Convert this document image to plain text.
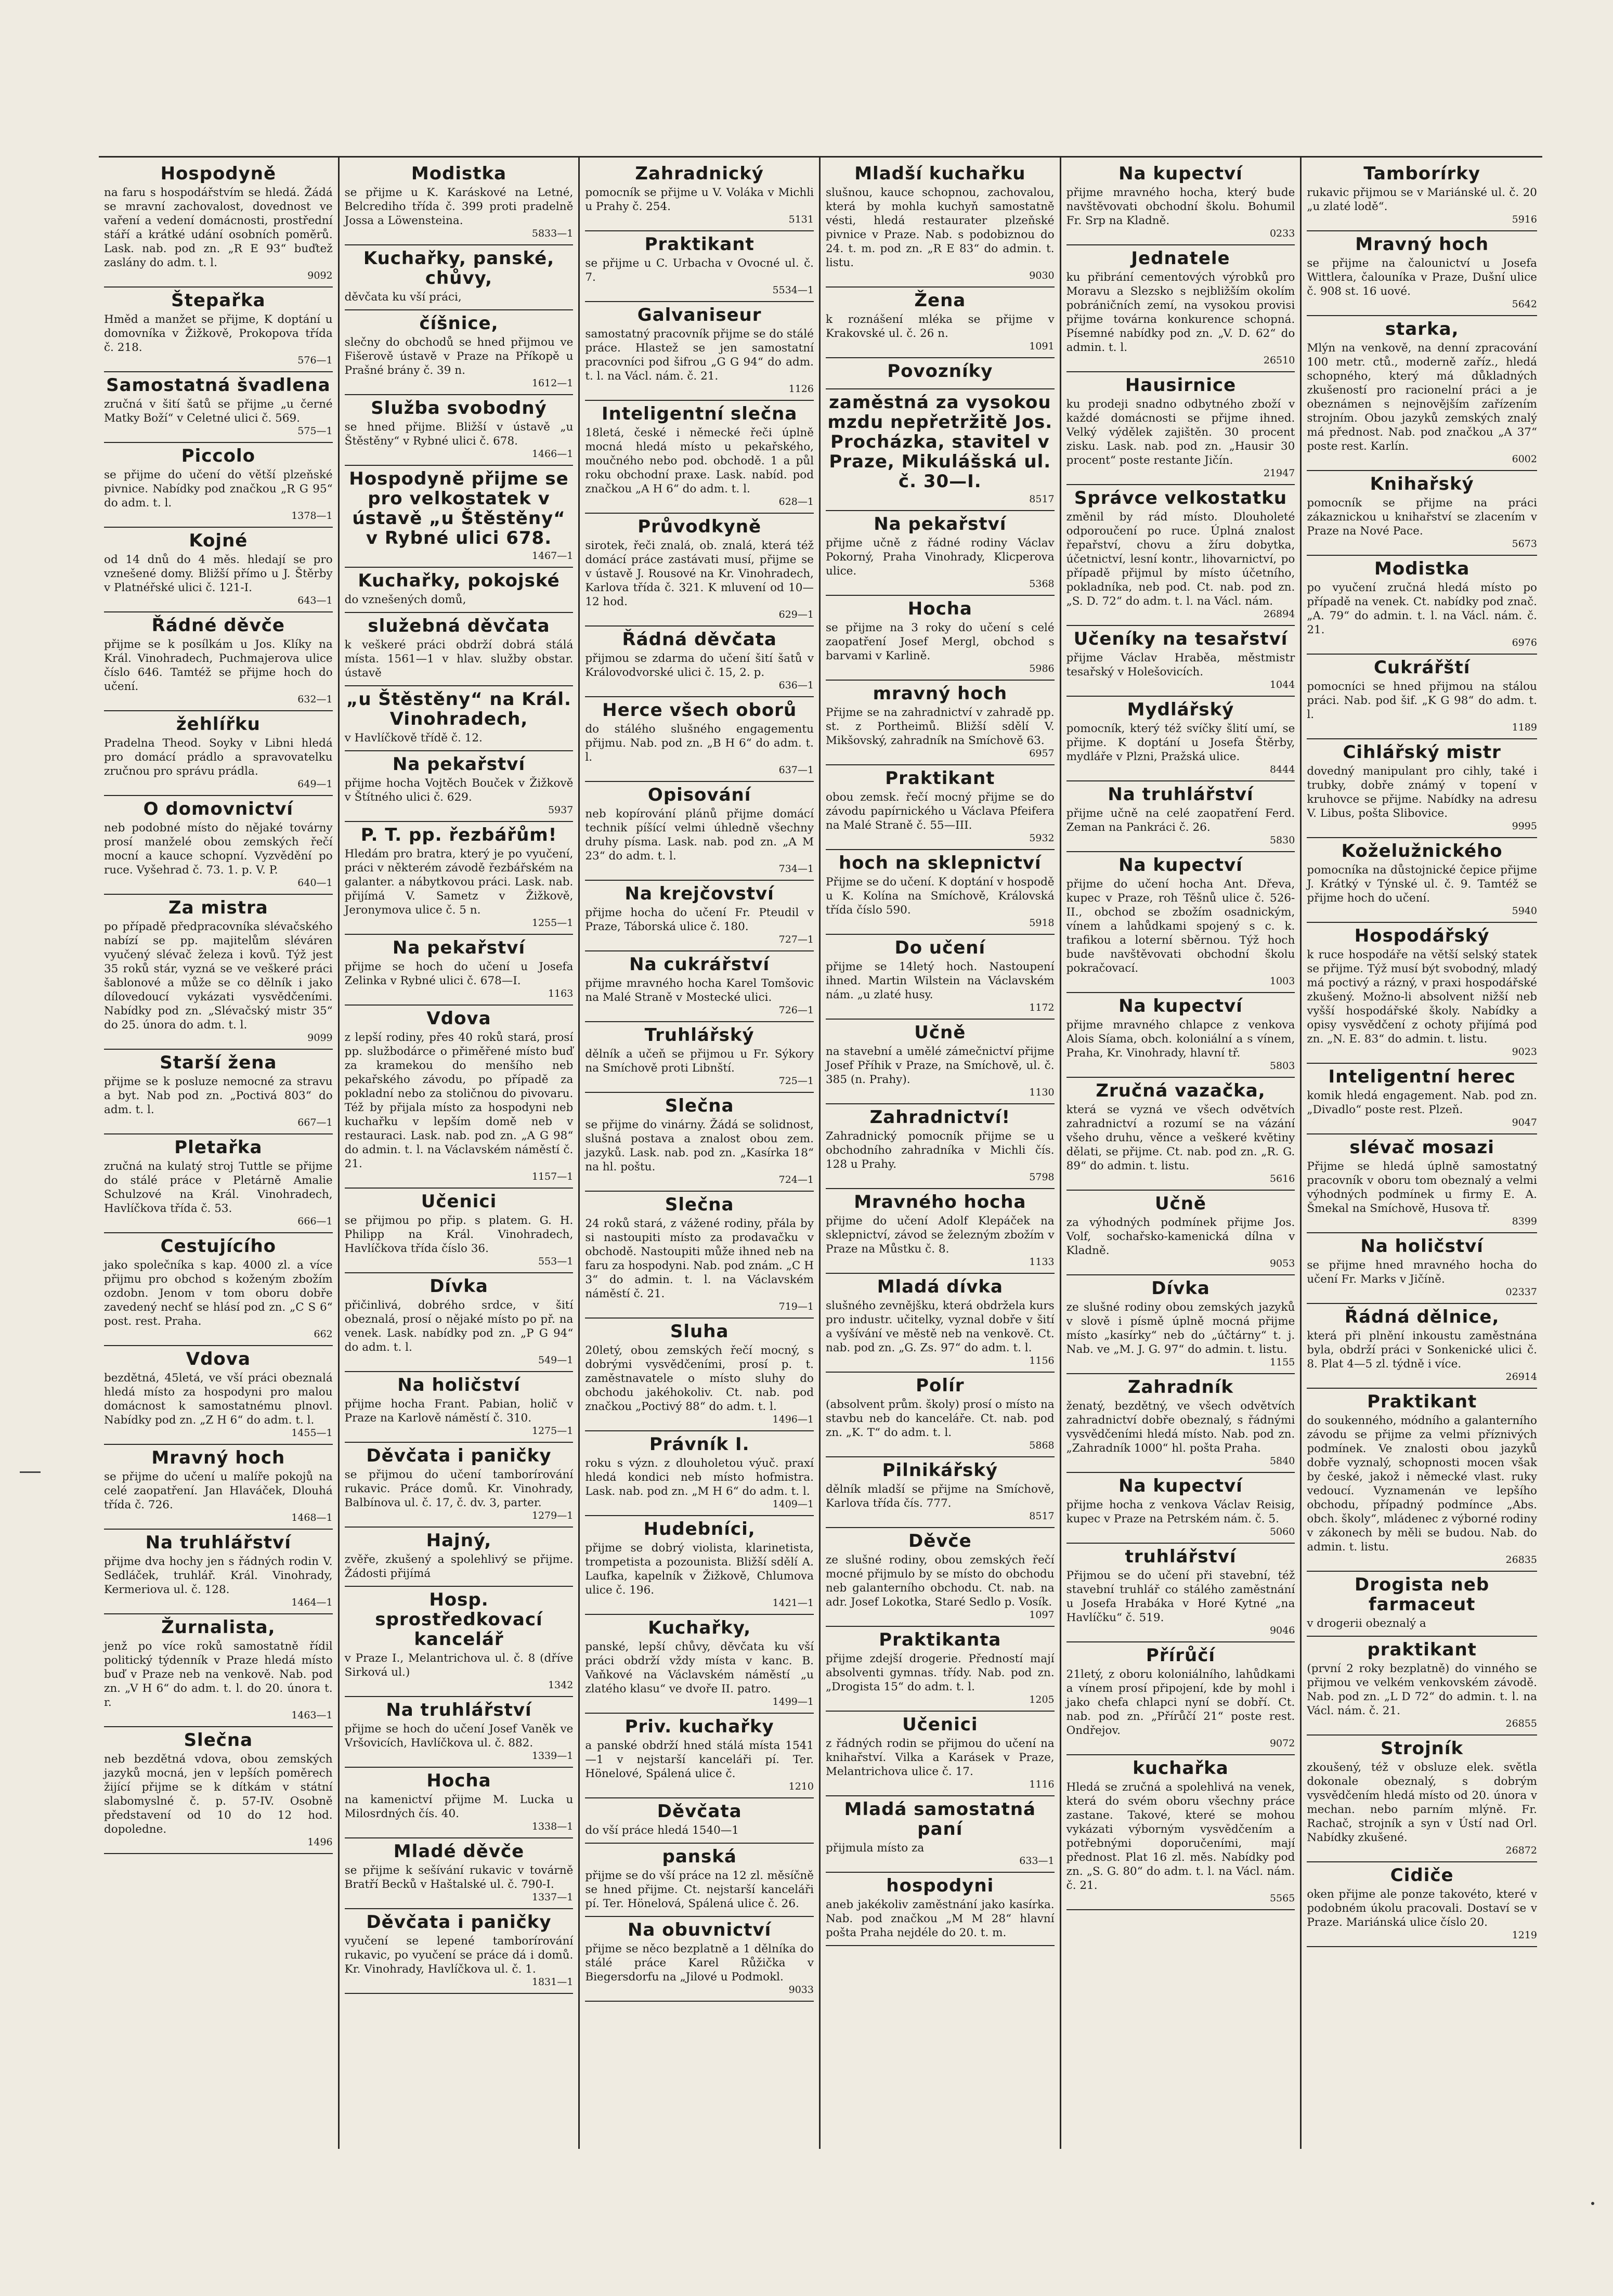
Hospodyně

na faru s hospodářstvím se hledá. Žádá se mravní zachovalost, dovednost ve vaření a vedení domácnosti, prostřední stáří a krátké udání osobních poměrů. Lask. nab. pod zn. „R E 93“ buďtež zaslány do adm. t. l.

9092
Štepařka

Hměd a manžet se přijme, K doptání u domovníka v Žižkově, Prokopova třída č. 218.

576—1
Samostatná švadlena

zručná v šití šatů se přijme „u černé Matky Boží“ v Celetné ulici č. 569.

575—1
Piccolo

se přijme do učení do větší plzeňské pivnice. Nabídky pod značkou „R G 95“ do adm. t. l.

1378—1
Kojné

od 14 dnů do 4 měs. hledají se pro vznešené domy. Bližší přímo u J. Štěrby v Platnéřské ulici č. 121-I.

643—1
Řádné děvče

přijme se k posílkám u Jos. Klíky na Král. Vinohradech, Puchmajerova ulice číslo 646. Tamtéž se přijme hoch do učení.

632—1
žehlířku

Pradelna Theod. Soyky v Libni hledá pro domácí prádlo a spravovatelku zručnou pro správu prádla.

649—1
O domovnictví

neb podobné místo do nějaké továrny prosí manželé obou zemských řečí mocní a kauce schopní. Vyzvědění po ruce. Vyšehrad č. 73. 1. p. V. P.

640—1
Za mistra

po případě předpracovníka slévačského nabízí se pp. majitelům sléváren vyučený slévač železa i kovů. Týž jest 35 roků stár, vyzná se ve veškeré práci šablonové a může se co dělník i jako dílovedoucí vykázati vysvědčeními. Nabídky pod zn. „Slévačský mistr 35“ do 25. února do adm. t. l.

9099
Starší žena

přijme se k posluze nemocné za stravu a byt. Nab pod zn. „Poctivá 803“ do adm. t. l.

667—1
Pletařka

zručná na kulatý stroj Tuttle se přijme do stálé práce v Pletárně Amalie Schulzové na Král. Vinohradech, Havlíčkova třída č. 53.

666—1
Cestujícího

jako společníka s kap. 4000 zl. a více přijmu pro obchod s koženým zbožím ozdobn. Jenom v tom oboru dobře zavedený nechť se hlásí pod zn. „C S 6“ post. rest. Praha.

662
Vdova

bezdětná, 45letá, ve vší práci obeznalá hledá místo za hospodyni pro malou domácnost k samostatnému plnovl. Nabídky pod zn. „Z H 6“ do adm. t. l.

1455—1
Mravný hoch

se přijme do učení u malíře pokojů na celé zaopatření. Jan Hlaváček, Dlouhá třída č. 726.

1468—1
Na truhlářství

přijme dva hochy jen s řádných rodin V. Sedláček, truhlář. Král. Vinohrady, Kermeriova ul. č. 128.

1464—1
Žurnalista,

jenž po více roků samostatně řídil politický týdenník v Praze hledá místo buď v Praze neb na venkově. Nab. pod zn. „V H 6“ do adm. t. l. do 20. února t. r.

1463—1
Slečna

neb bezdětná vdova, obou zemských jazyků mocná, jen v lepších poměrech žijící přijme se k dítkám v státní slabomyslné č. p. 57-IV. Osobně představení od 10 do 12 hod. dopoledne.

1496
Modistka

se přijme u K. Karáskové na Letné, Belcrediho třída č. 399 proti pradelně Jossa a Löwensteina.

5833—1
Kuchařky, panské, chůvy,

děvčata ku vší práci,

číšnice,

slečny do obchodů se hned přijmou ve Fišerově ústavě v Praze na Příkopě u Prašné brány č. 39 n.

1612—1
Služba svobodný

se hned přijme. Bližší v ústavě „u Štěstěny“ v Rybné ulici č. 678.

1466—1
Hospodyně přijme se pro velkostatek v ústavě „u Štěstěny“ v Rybné ulici 678.
1467—1
Kuchařky, pokojské

do vznešených domů,

služebná děvčata

k veškeré práci obdrží dobrá stálá místa. 1561—1 v hlav. služby obstar. ústavě

„u Štěstěny“ na Král. Vinohradech,

v Havlíčkově třídě č. 12.

Na pekařství

přijme hocha Vojtěch Bouček v Žižkově v Štítného ulici č. 629.

5937
P. T. pp. řezbářům!

Hledám pro bratra, který je po vyučení, práci v některém závodě řezbářském na galanter. a nábytkovou práci. Lask. nab. přijímá V. Sametz v Žižkově, Jeronymova ulice č. 5 n.

1255—1
Na pekařství

přijme se hoch do učení u Josefa Zelinka v Rybné ulici č. 678—I.

1163
Vdova

z lepší rodiny, přes 40 roků stará, prosí pp. službodárce o přiměřené místo buď za kramekou do menšího neb pekařského závodu, po případě za pokladní nebo za stoličnou do pivovaru. Též by přijala místo za hospodyni neb kuchařku v lepším domě neb v restauraci. Lask. nab. pod zn. „A G 98“ do admin. t. l. na Václavském náměstí č. 21.

1157—1
Učenici

se přijmou po přip. s platem. G. H. Philipp na Král. Vinohradech, Havlíčkova třída číslo 36.

553—1
Dívka

přičinlivá, dobrého srdce, v šití obeznalá, prosí o nějaké místo po př. na venek. Lask. nabídky pod zn. „P G 94“ do adm. t. l.

549—1
Na holičství

přijme hocha Frant. Pabian, holič v Praze na Karlově náměstí č. 310.

1275—1
Děvčata i paničky

se přijmou do učení tamborírování rukavic. Práce domů. Kr. Vinohrady, Balbínova ul. č. 17, č. dv. 3, parter.

1279—1
Hajný,

zvěře, zkušený a spolehlivý se přijme. Žádosti přijímá

Hosp. sprostředkovací kancelář

v Praze I., Melantrichova ul. č. 8 (dříve Sirková ul.)

1342
Na truhlářství

přijme se hoch do učení Josef Vaněk ve Vršovicích, Havlíčkova ul. č. 882.

1339—1
Hocha

na kamenictví přijme M. Lucka u Milosrdných čís. 40.

1338—1
Mladé děvče

se přijme k sešívání rukavic v továrně Bratří Becků v Haštalské ul. č. 790-I.

1337—1
Děvčata i paničky

vyučení se lepené tamborírování rukavic, po vyučení se práce dá i domů. Kr. Vinohrady, Havlíčkova ul. č. 1.

1831—1
Zahradnický

pomocník se přijme u V. Voláka v Michli u Prahy č. 254.

5131
Praktikant

se přijme u C. Urbacha v Ovocné ul. č. 7.

5534—1
Galvaniseur

samostatný pracovník přijme se do stálé práce. Hlastež se jen samostatní pracovníci pod šifrou „G G 94“ do adm. t. l. na Václ. nám. č. 21.

1126
Inteligentní slečna

18letá, české i německé řeči úplně mocná hledá místo u pekařského, moučného nebo pod. obchodě. 1 a půl roku obchodní praxe. Lask. nabíd. pod značkou „A H 6“ do adm. t. l.

628—1
Průvodkyně

sirotek, řeči znalá, ob. znalá, která též domácí práce zastávati musí, přijme se v ústavě J. Rousové na Kr. Vinohradech, Karlova třída č. 321. K mluvení od 10—12 hod.

629—1
Řádná děvčata

přijmou se zdarma do učení šití šatů v Královodvorské ulici č. 15, 2. p.

636—1
Herce všech oborů

do stálého slušného engagementu přijmu. Nab. pod zn. „B H 6“ do adm. t. l.

637—1
Opisování

neb kopírování plánů přijme domácí technik píšící velmi úhledně všechny druhy písma. Lask. nab. pod zn. „A M 23“ do adm. t. l.

734—1
Na krejčovství

přijme hocha do učení Fr. Pteudil v Praze, Táborská ulice č. 180.

727—1
Na cukrářství

přijme mravného hocha Karel Tomšovic na Malé Straně v Mostecké ulici.

726—1
Truhlářský

dělník a učeň se přijmou u Fr. Sýkory na Smíchově proti Libnští.

725—1
Slečna

se přijme do vinárny. Žádá se solidnost, slušná postava a znalost obou zem. jazyků. Lask. nab. pod zn. „Kasírka 18“ na hl. poštu.

724—1
Slečna

24 roků stará, z vážené rodiny, přála by si nastoupiti místo za prodavačku v obchodě. Nastoupiti může ihned neb na faru za hospodyni. Nab. pod znám. „C H 3“ do admin. t. l. na Václavském náměstí č. 21.

719—1
Sluha

20letý, obou zemských řečí mocný, s dobrými vysvědčeními, prosí p. t. zaměstnavatele o místo sluhy do obchodu jakéhokoliv. Ct. nab. pod značkou „Poctivý 88“ do adm. t. l.

1496—1
Právník I.

roku s význ. z dlouholetou výuč. praxí hledá kondici neb místo hofmistra. Lask. nab. pod zn. „M H 6“ do adm. t. l.

1409—1
Hudebníci,

přijme se dobrý violista, klarinetista, trompetista a pozounista. Bližší sdělí A. Laufka, kapelník v Žižkově, Chlumova ulice č. 196.

1421—1
Kuchařky,

panské, lepší chůvy, děvčata ku vší práci obdrží vždy místa v kanc. B. Vaňkové na Václavském náměstí „u zlatého klasu“ ve dvoře II. patro.

1499—1
Priv. kuchařky

a panské obdrží hned stálá místa 1541—1 v nejstarší kanceláři pí. Ter. Hönelové, Spálená ulice č.

1210
Děvčata

do vší práce hledá 1540—1

panská

přijme se do vší práce na 12 zl. měsíčně se hned přijme. Ct. nejstarší kanceláři pí. Ter. Hönelová, Spálená ulice č. 26.

Na obuvnictví

přijme se něco bezplatně a 1 dělníka do stálé práce Karel Růžička v Biegersdorfu na „Jilové u Podmokl.

9033
Mladší kuchařku

slušnou, kauce schopnou, zachovalou, která by mohla kuchyň samostatně vésti, hledá restaurater plzeňské pivnice v Praze. Nab. s podobiznou do 24. t. m. pod zn. „R E 83“ do admin. t. listu.

9030
Žena

k roznášení mléka se přijme v Krakovské ul. č. 26 n.

1091
Povozníky
zaměstná za vysokou mzdu nepřetržitě Jos. Procházka, stavitel v Praze, Mikulášská ul. č. 30—I.
8517
Na pekařství

přijme učně z řádné rodiny Václav Pokorný, Praha Vinohrady, Klicperova ulice.

5368
Hocha

se přijme na 3 roky do učení s celé zaopatření Josef Mergl, obchod s barvami v Karlině.

5986
mravný hoch

Přijme se na zahradnictví v zahradě pp. st. z Portheimů. Bližší sdělí V. Mikšovský, zahradník na Smíchově 63.

6957
Praktikant

obou zemsk. řečí mocný přijme se do závodu papírnického u Václava Pfeifera na Malé Straně č. 55—III.

5932
hoch na sklepnictví

Přijme se do učení. K doptání v hospodě u K. Kolína na Smíchově, Královská třída číslo 590.

5918
Do učení

přijme se 14letý hoch. Nastoupení ihned. Martin Wilstein na Václavském nám. „u zlaté husy.

1172
Učně

na stavební a umělé zámečnictví přijme Josef Příhik v Praze, na Smíchově, ul. č. 385 (n. Prahy).

1130
Zahradnictví!

Zahradnický pomocník přijme se u obchodního zahradníka v Michli čís. 128 u Prahy.

5798
Mravného hocha

přijme do učení Adolf Klepáček na sklepnictví, závod se železným zbožím v Praze na Můstku č. 8.

1133
Mladá dívka

slušného zevnějšku, která obdržela kurs pro industr. učitelky, vyznal dobře v šití a vyšívání ve městě neb na venkově. Ct. nab. pod zn. „G. Zs. 97“ do adm. t. l.

1156
Polír

(absolvent prům. školy) prosí o místo na stavbu neb do kanceláře. Ct. nab. pod zn. „K. T“ do adm. t. l.

5868
Pilnikářský

dělník mladší se přijme na Smíchově, Karlova třída čís. 777.

8517
Děvče

ze slušné rodiny, obou zemských řečí mocné přijmulo by se místo do obchodu neb galanterního obchodu. Ct. nab. na adr. Josef Lokotka, Staré Sedlo p. Vosík.

1097
Praktikanta

přijme zdejší drogerie. Předností mají absolventi gymnas. třídy. Nab. pod zn. „Drogista 15“ do adm. t. l.

1205
Učenici

z řádných rodin se přijmou do učení na knihařství. Vilka a Karásek v Praze, Melantrichova ulice č. 17.

1116
Mladá samostatná paní

přijmula místo za

633—1
hospodyni

aneb jakékoliv zaměstnání jako kasírka. Nab. pod značkou „M M 28“ hlavní pošta Praha nejdéle do 20. t. m.

Na kupectví

přijme mravného hocha, který bude navštěvovati obchodní školu. Bohumil Fr. Srp na Kladně.

0233
Jednatele

ku přibrání cementových výrobků pro Moravu a Slezsko s nejbližším okolím pobráničních zemí, na vysokou provisi přijme továrna konkurence schopná. Písemné nabídky pod zn. „V. D. 62“ do admin. t. l.

26510
Hausirnice

ku prodeji snadno odbytného zboží v každé domácnosti se přijme ihned. Velký výdělek zajištěn. 30 procent zisku. Lask. nab. pod zn. „Hausir 30 procent“ poste restante Jičín.

21947
Správce velkostatku

změnil by rád místo. Dlouholeté odporoučení po ruce. Úplná znalost řepařství, chovu a žíru dobytka, účetnictví, lesní kontr., lihovarnictví, po případě přijmul by místo účetního, pokladníka, neb pod. Ct. nab. pod zn. „S. D. 72“ do adm. t. l. na Václ. nám.

26894
Učeníky na tesařství

přijme Václav Hraběa, městmistr tesařský v Holešovicích.

1044
Mydlářský

pomocník, který též svíčky šlití umí, se přijme. K doptání u Josefa Štěrby, mydláře v Plzni, Pražská ulice.

8444
Na truhlářství

přijme učně na celé zaopatření Ferd. Zeman na Pankráci č. 26.

5830
Na kupectví

přijme do učení hocha Ant. Dřeva, kupec v Praze, roh Těšnů ulice č. 526-II., obchod se zbožím osadnickým, vínem a lahůdkami spojený s c. k. trafikou a loterní sběrnou. Týž hoch bude navštěvovati obchodní školu pokračovací.

1003
Na kupectví

přijme mravného chlapce z venkova Alois Síama, obch. koloniální a s vínem, Praha, Kr. Vinohrady, hlavní tř.

5803
Zručná vazačka,

která se vyzná ve všech odvětvích zahradnictví a rozumí se na vázání všeho druhu, věnce a veškeré květiny dělati, se přijme. Ct. nab. pod zn. „R. G. 89“ do admin. t. listu.

5616
Učně

za výhodných podmínek přijme Jos. Volf, sochařsko-kamenická dílna v Kladně.

9053
Dívka

ze slušné rodiny obou zemských jazyků v slově i písmě úplně mocná přijme místo „kasírky“ neb do „účtárny“ t. j. Nab. ve „M. J. G. 97“ do admin. t. listu.

1155
Zahradník

ženatý, bezdětný, ve všech odvětvích zahradnictví dobře obeznalý, s řádnými vysvědčeními hledá místo. Nab. pod zn. „Zahradník 1000“ hl. pošta Praha.

5840
Na kupectví

přijme hocha z venkova Václav Reisig, kupec v Praze na Petrském nám. č. 5.

5060
truhlářství

Přijmou se do učení při stavební, též stavební truhlář co stálého zaměstnání u Josefa Hrabáka v Horé Kytné „na Havlíčku“ č. 519.

9046
Přírůčí

21letý, z oboru koloniálního, lahůdkami a vínem prosí připojení, kde by mohl i jako chefa chlapci nyní se dobří. Ct. nab. pod zn. „Přírůčí 21“ poste rest. Ondřejov.

9072
kuchařka

Hledá se zručná a spolehlivá na venek, která do svém oboru všechny práce zastane. Takové, které se mohou vykázati výborným vysvědčením a potřebnými doporučeními, mají přednost. Plat 16 zl. měs. Nabídky pod zn. „S. G. 80“ do adm. t. l. na Václ. nám. č. 21.

5565
Tamborírky

rukavic přijmou se v Mariánské ul. č. 20 „u zlaté lodě“.

5916
Mravný hoch

se přijme na čalounictví u Josefa Wittlera, čalouníka v Praze, Dušní ulice č. 908 st. 16 uové.

5642
starka,

Mlýn na venkově, na denní zpracování 100 metr. ctů., moderně zaříz., hledá schopného, který má důkladných zkušeností pro racionelní práci a je obeznámen s nejnovějším zařízením strojním. Obou jazyků zemských znalý má přednost. Nab. pod značkou „A 37“ poste rest. Karlín.

6002
Knihařský

pomocník se přijme na práci zákaznickou u knihařství se zlacením v Praze na Nové Pace.

5673
Modistka

po vyučení zručná hledá místo po případě na venek. Ct. nabídky pod znač. „A. 79“ do admin. t. l. na Václ. nám. č. 21.

6976
Cukrářští

pomocníci se hned přijmou na stálou práci. Nab. pod šif. „K G 98“ do adm. t. l.

1189
Cihlářský mistr

dovedný manipulant pro cihly, také i trubky, dobře známý v topení v kruhovce se přijme. Nabídky na adresu V. Libus, pošta Slibovice.

9995
Koželužnického

pomocníka na důstojnické čepice přijme J. Krátký v Týnské ul. č. 9. Tamtéž se přijme hoch do učení.

5940
Hospodářský

k ruce hospodáře na větší selský statek se přijme. Týž musí být svobodný, mladý má poctivý a rázný, v praxi hospodářské zkušený. Možno-li absolvent nižší neb vyšší hospodářské školy. Nabídky a opisy vysvědčení z ochoty přijímá pod zn. „N. E. 83“ do admin. t. listu.

9023
Inteligentní herec

komik hledá engagement. Nab. pod zn. „Divadlo“ poste rest. Plzeň.

9047
slévač mosazi

Přijme se hledá úplně samostatný pracovník v oboru tom obeznalý a velmi výhodných podmínek u firmy E. A. Šmekal na Smíchově, Husova tř.

8399
Na holičství

se přijme hned mravného hocha do učení Fr. Marks v Jičíně.

02337
Řádná dělnice,

která při plnění inkoustu zaměstnána byla, obdrží práci v Sonkenické ulici č. 8. Plat 4—5 zl. týdně i více.

26914
Praktikant

do soukenného, módního a galanterního závodu se přijme za velmi příznivých podmínek. Ve znalosti obou jazyků dobře vyznalý, schopnosti mocen však by české, jakož i německé vlast. ruky vedoucí. Vyznamenán ve lepšího obchodu, případný podmínce „Abs. obch. školy“, mládenec z výborné rodiny v zákonech by měli se budou. Nab. do admin. t. listu.

26835
Drogista neb farmaceut

v drogerii obeznalý a

praktikant

(první 2 roky bezplatně) do vinného se přijmou ve velkém venkovském závodě. Nab. pod zn. „L D 72“ do admin. t. l. na Václ. nám. č. 21.

26855
Strojník

zkoušený, též v obsluze elek. světla dokonale obeznalý, s dobrým vysvědčením hledá místo od 20. února v mechan. nebo parním mlýně. Fr. Rachač, strojník a syn v Ústí nad Orl. Nabídky zkušené.

26872
Cidiče

oken přijme ale ponze takovéto, které v podobném úkolu pracovali. Dostaví se v Praze. Mariánská ulice číslo 20.

1219
